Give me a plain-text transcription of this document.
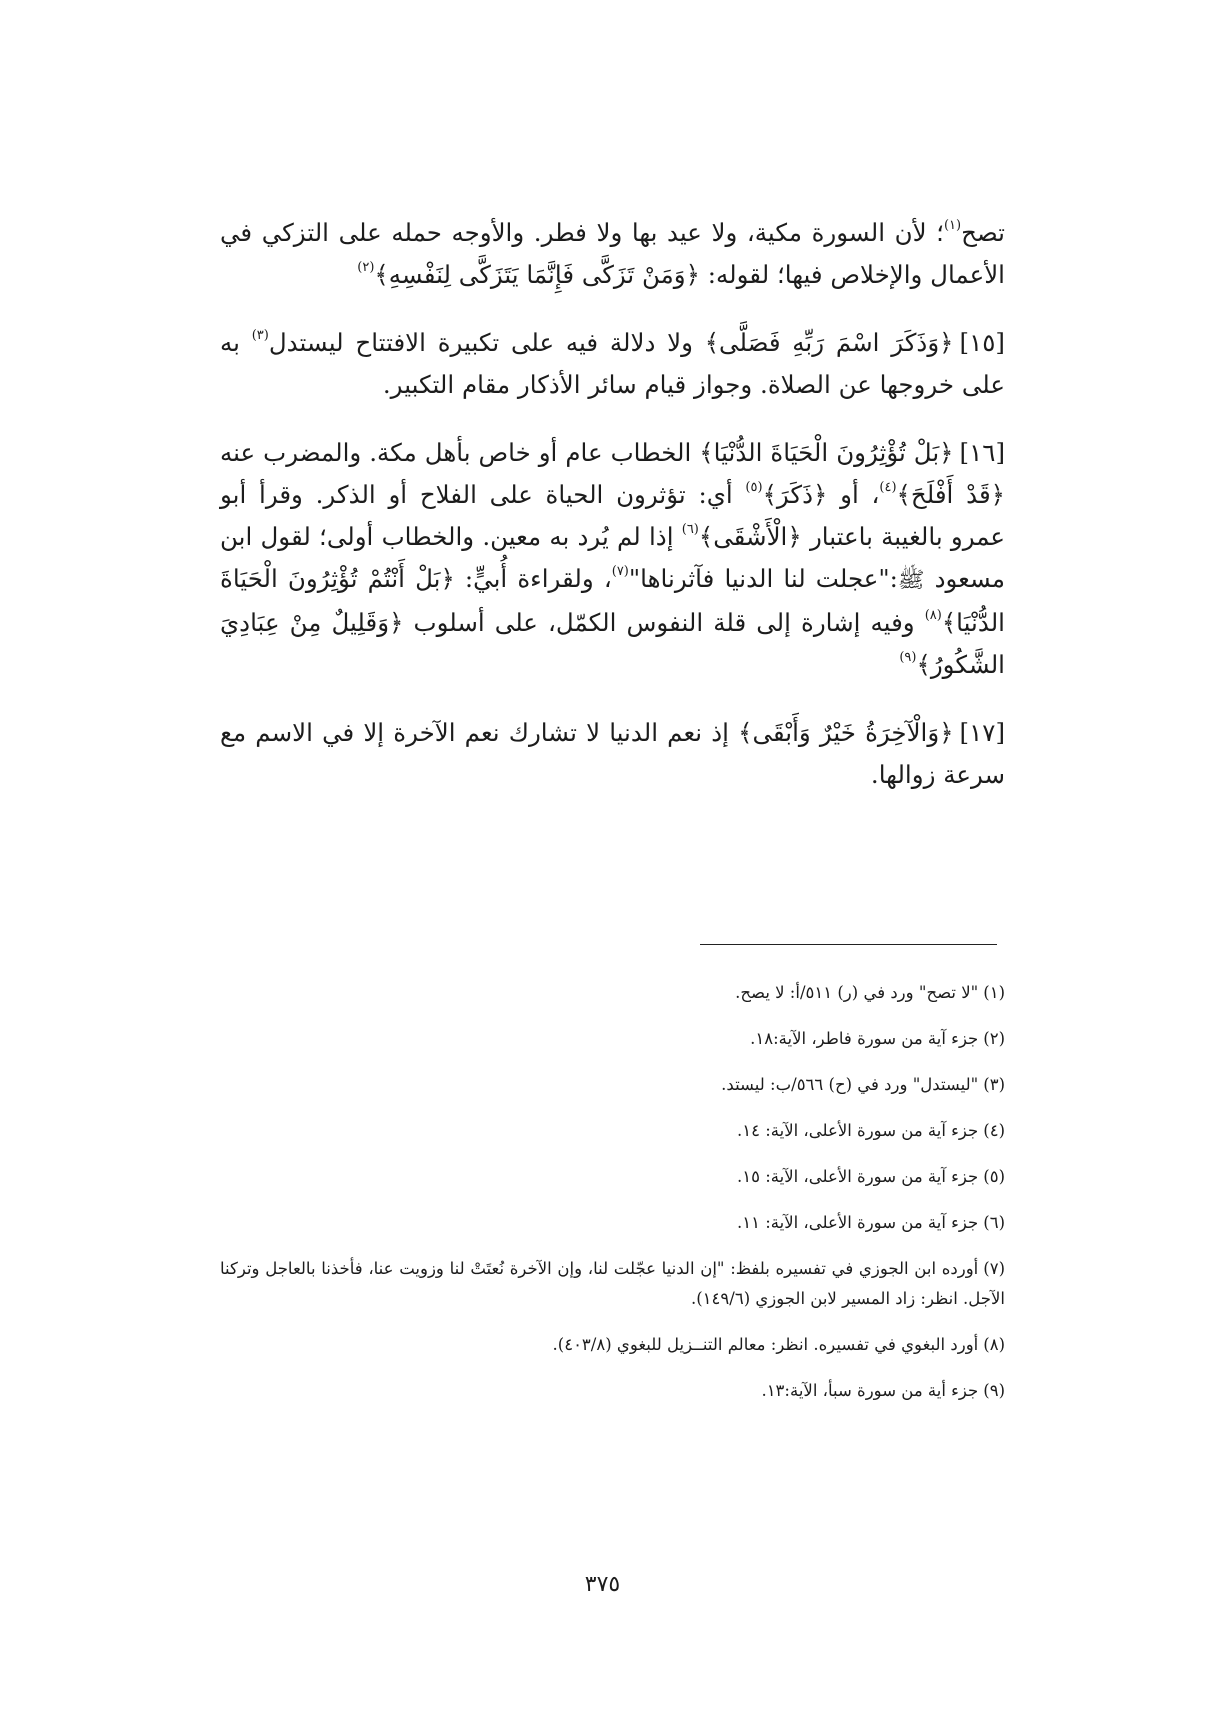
تصح$^{(١)}$؛ لأن السورة مكية، ولا عيد بها ولا فطر. والأوجه حمله على التزكي في الأعمال والإخلاص فيها؛ لقوله: ﴿وَمَنْ تَزَكَّى فَإِنَّمَا يَتَزَكَّى لِنَفْسِهِ﴾$^{(٢)}$

[١٥]﴿وَذَكَرَ اسْمَ رَبِّهِ فَصَلَّى﴾ ولا دلالة فيه على تكبيرة الافتتاح ليستدل$^{(٣)}$ به على خروجها عن الصلاة. وجواز قيام سائر الأذكار مقام التكبير.

[١٦]﴿بَلْ تُؤْثِرُونَ الْحَيَاةَ الدُّنْيَا﴾ الخطاب عام أو خاص بأهل مكة. والمضرب عنه ﴿قَدْ أَفْلَحَ﴾$^{(٤)}$، أو ﴿ذَكَرَ﴾$^{(٥)}$ أي: تؤثرون الحياة على الفلاح أو الذكر. وقرأ أبو عمرو بالغيبة باعتبار ﴿الْأَشْقَى﴾$^{(٦)}$ إذا لم يُرد به معين. والخطاب أولى؛ لقول ابن مسعود ﷺ:"عجلت لنا الدنيا فآثرناها"$^{(٧)}$، ولقراءة أُبيٍّ: ﴿بَلْ أَنْتُمْ تُؤْثِرُونَ الْحَيَاةَ الدُّنْيَا﴾$^{(٨)}$ وفيه إشارة إلى قلة النفوس الكمّل، على أسلوب ﴿وَقَلِيلٌ مِنْ عِبَادِيَ الشَّكُورُ﴾$^{(٩)}$

[١٧]﴿وَالْآخِرَةُ خَيْرٌ وَأَبْقَى﴾ إذ نعم الدنيا لا تشارك نعم الآخرة إلا في الاسم مع سرعة زوالها.

(١)"لا تصح" ورد في (ر) ٥١١/أ: لا يصح.

(٢)جزء آية من سورة فاطر، الآية:١٨.

(٣)"ليستدل" ورد في (ح) ٥٦٦/ب: ليستد.

(٤)جزء آية من سورة الأعلى، الآية: ١٤.

(٥)جزء آية من سورة الأعلى، الآية: ١٥.

(٦)جزء آية من سورة الأعلى، الآية: ١١.

(٧)أورده ابن الجوزي في تفسيره بلفظ: "إن الدنيا عجّلت لنا، وإن الآخرة نُعتَتْ لنا وزويت عنا، فأخذنا بالعاجل وتركنا الآجل. انظر: زاد المسير لابن الجوزي (١٤٩/٦).

(٨)أورد البغوي في تفسيره. انظر: معالم التنــزيل للبغوي (٤٠٣/٨).

(٩)جزء أية من سورة سبأ، الآية:١٣.

٣٧٥
